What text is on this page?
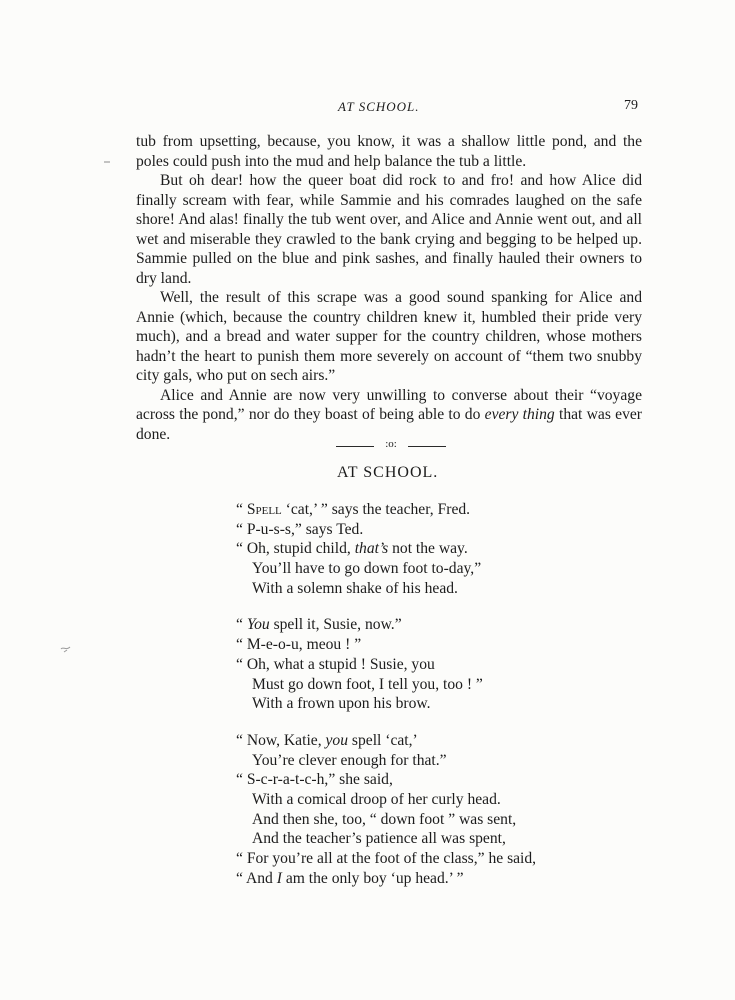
AT SCHOOL.	79

tub from upsetting, because, you know, it was a shallow little pond, and the poles could push into the mud and help balance the tub a little.

But oh dear! how the queer boat did rock to and fro! and how Alice did finally scream with fear, while Sammie and his comrades laughed on the safe shore! And alas! finally the tub went over, and Alice and Annie went out, and all wet and miserable they crawled to the bank crying and begging to be helped up. Sammie pulled on the blue and pink sashes, and finally hauled their owners to dry land.

Well, the result of this scrape was a good sound spanking for Alice and Annie (which, because the country children knew it, humbled their pride very much), and a bread and water supper for the country children, whose mothers hadn’t the heart to punish them more severely on account of “them two snubby city gals, who put on sech airs.”

Alice and Annie are now very unwilling to converse about their “voyage across the pond,” nor do they boast of being able to do every thing that was ever done.

:o:
AT SCHOOL.
“ Spell ‘cat,’ ” says the teacher, Fred.
“ P-u-s-s,” says Ted.
“ Oh, stupid child, that’s not the way.
You’ll have to go down foot to-day,”
With a solemn shake of his head.
“ You spell it, Susie, now.”
“ M-e-o-u, meou ! ”
“ Oh, what a stupid ! Susie, you
Must go down foot, I tell you, too ! ”
With a frown upon his brow.
“ Now, Katie, you spell ‘cat,’
You’re clever enough for that.”
“ S-c-r-a-t-c-h,” she said,
With a comical droop of her curly head.
And then she, too, “ down foot ” was sent,
And the teacher’s patience all was spent,
“ For you’re all at the foot of the class,” he said,
“ And I am the only boy ‘up head.’ ”
